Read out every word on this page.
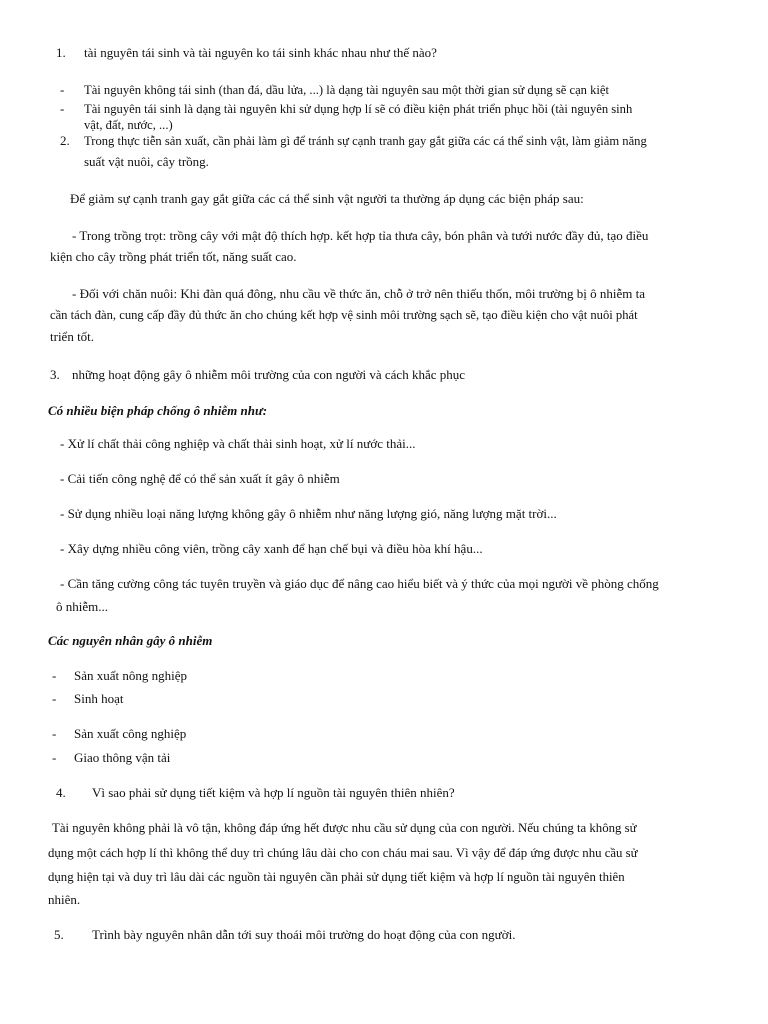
1. tài nguyên tái sinh và tài nguyên ko tái sinh khác nhau như thế nào?
- Tài nguyên không tái sinh (than đá, dầu lửa, ...) là dạng tài nguyên sau một thời gian sử dụng sẽ cạn kiệt
- Tài nguyên tái sinh là dạng tài nguyên khi sử dụng hợp lí sẽ có điều kiện phát triển phục hồi (tài nguyên sinh
vật, đất, nước, ...)
2. Trong thực tiễn sản xuất, cần phải làm gì để tránh sự cạnh tranh gay gắt giữa các cá thể sinh vật, làm giảm năng
suất vật nuôi, cây trồng.
Để giảm sự cạnh tranh gay gắt giữa các cá thể sinh vật người ta thường áp dụng các biện pháp sau:
- Trong trồng trọt: trồng cây với mật độ thích hợp. kết hợp tỉa thưa cây, bón phân và tưới nước đầy đủ, tạo điều
kiện cho cây trồng phát triển tốt, năng suất cao.
- Đối với chăn nuôi: Khi đàn quá đông, nhu cầu về thức ăn, chỗ ở trở nên thiếu thốn, môi trường bị ô nhiễm ta
cần tách đàn, cung cấp đầy đủ thức ăn cho chúng kết hợp vệ sinh môi trường sạch sẽ, tạo điều kiện cho vật nuôi phát
triển tốt.
3. những hoạt động gây ô nhiễm môi trường của con người và cách khắc phục
Có nhiều biện pháp chống ô nhiễm như:
- Xử lí chất thải công nghiệp và chất thải sinh hoạt, xử lí nước thải...
- Cải tiến công nghệ để có thể sản xuất ít gây ô nhiễm
- Sử dụng nhiều loại năng lượng không gây ô nhiễm như năng lượng gió, năng lượng mặt trời...
- Xây dựng nhiều công viên, trồng cây xanh để hạn chế bụi và điều hòa khí hậu...
- Cần tăng cường công tác tuyên truyền và giáo dục để nâng cao hiểu biết và ý thức của mọi người về phòng chống
ô nhiễm...
Các nguyên nhân gây ô nhiễm
- Sản xuất nông nghiệp
- Sinh hoạt
- Sản xuất công nghiệp
- Giao thông vận tải
4. Vì sao phải sử dụng tiết kiệm và hợp lí nguồn tài nguyên thiên nhiên?
Tài nguyên không phải là vô tận, không đáp ứng hết được nhu cầu sử dụng của con người. Nếu chúng ta không sử
dụng một cách hợp lí thì không thể duy trì chúng lâu dài cho con cháu mai sau. Vì vậy để đáp ứng được nhu cầu sử
dụng hiện tại và duy trì lâu dài các nguồn tài nguyên cần phải sử dụng tiết kiệm và hợp lí nguồn tài nguyên thiên
nhiên.
5. Trình bày nguyên nhân dẫn tới suy thoái môi trường do hoạt động của con người.
